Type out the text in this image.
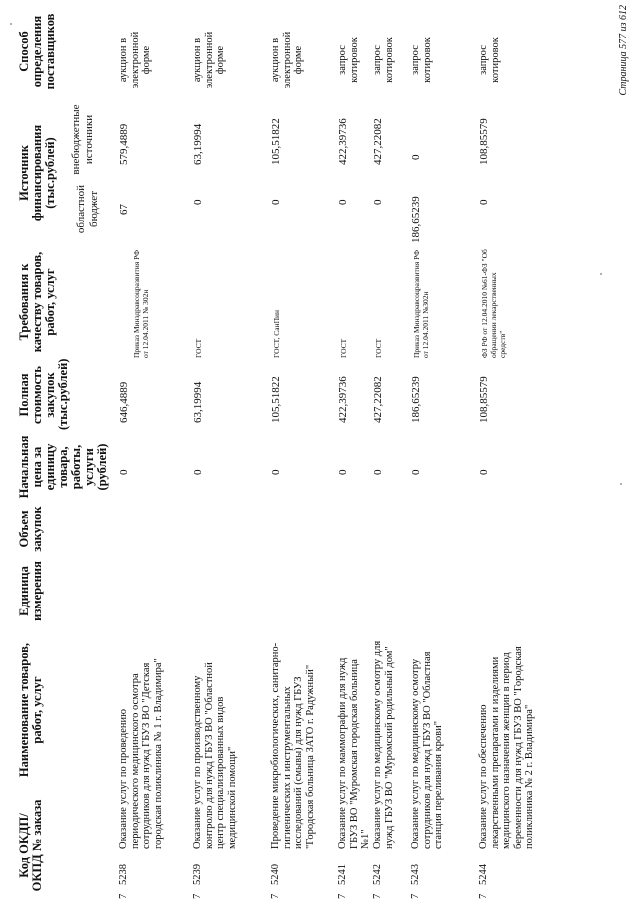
Код ОКДП/ ОКПД № заказа
Наименование товаров, работ, услуг
Единица измерения
Объем закупок
Начальная цена за единицу товара, работы, услуги (рублей)
Полная стоимость закупок (тыс.рублей)
Требования к качеству товаров, работ, услуг
Источник финансирования (тыс.рублей)
областной бюджет
внебюджетные источники
Способ определения поставщиков
7
5238
Оказание услуг по проведению периодического медицинского осмотра сотрудников для нужд ГБУЗ ВО "Детская городская поликлиника № 1 г. Владимира"
0
646,4889
Приказ Минздравсоцразвития РФ от 12.04.2011 № 302н
67
579,4889
аукцион в электронной форме
7
5239
Оказание услуг по производственному контролю для нужд ГБУЗ ВО "Областной центр специализированных видов медицинской помощи"
0
63,19994
ГОСТ
0
63,19994
аукцион в электронной форме
7
5240
Проведение микробиологических, санитарно-гигиенических и инструментальных исследований (смывы) для нужд ГБУЗ "Городская больница ЗАТО г. Радужный"
0
105,51822
ГОСТ, СанПин
0
105,51822
аукцион в электронной форме
7
5241
Оказание услуг по маммографии для нужд ГБУЗ ВО "Муромская городская больница №1"
0
422,39736
ГОСТ
0
422,39736
запрос котировок
7
5242
Оказание услуг по медицинскому осмотру для нужд ГБУЗ ВО "Муромский родильный дом"
0
427,22082
ГОСТ
0
427,22082
запрос котировок
7
5243
Оказание услуг по медицинскому осмотру сотрудников для нужд ГБУЗ ВО "Областная станция переливания крови"
0
186,65239
Приказ Минздравсоцразвития РФ от 12.04.2011 №302н
186,65239
0
запрос котировок
7
5244
Оказание услуг по обеспечению лекарственными препаратами и изделиями медицинского назначения женщин в период беременности для нужд ГБУЗ ВО "Городская поликлиника № 2 г. Владимира"
0
108,85579
ФЗ РФ от 12.04.2010 №61-ФЗ "Об обращении лекарственных средств"
0
108,85579
запрос котировок	Страница 577 из 612
